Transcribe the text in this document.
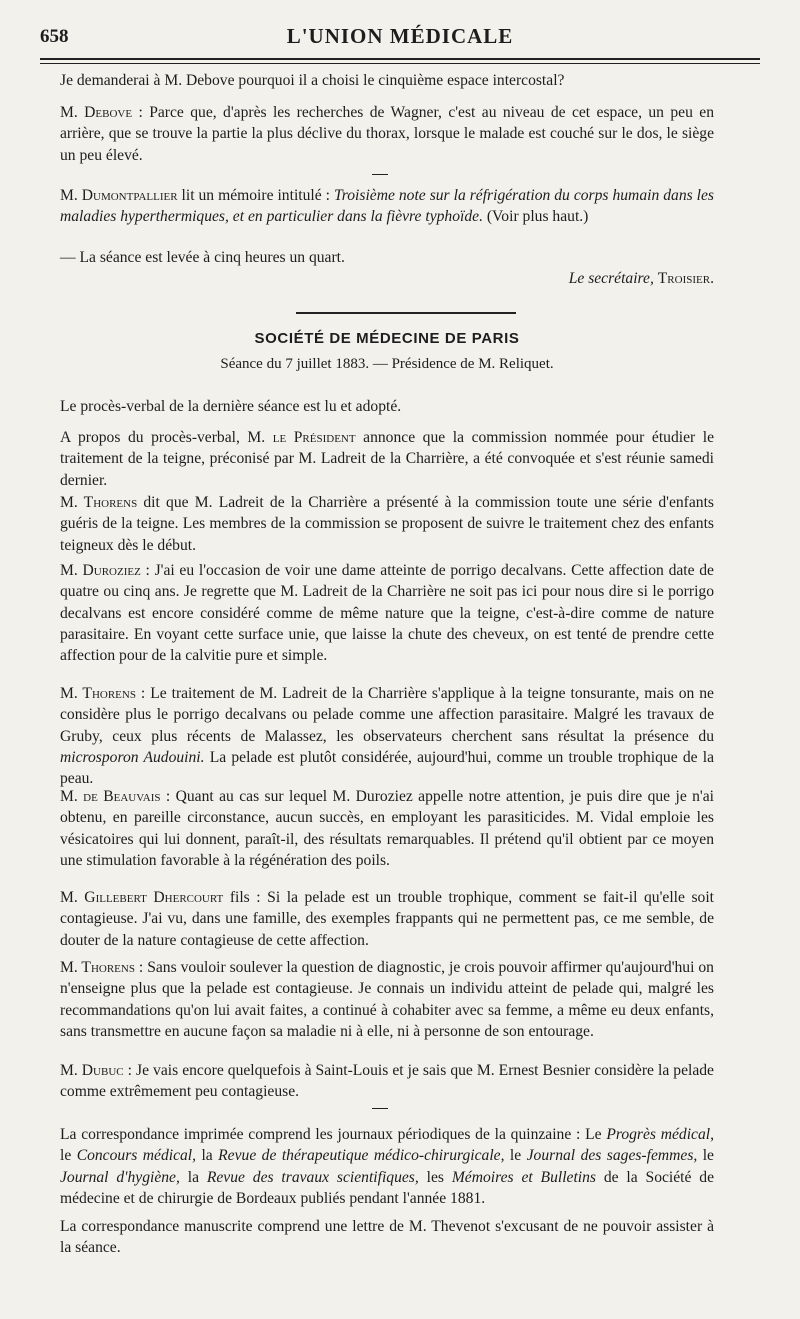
658	L'UNION MÉDICALE
Je demanderai à M. Debove pourquoi il a choisi le cinquième espace intercostal?
M. Debove : Parce que, d'après les recherches de Wagner, c'est au niveau de cet espace, un peu en arrière, que se trouve la partie la plus déclive du thorax, lorsque le malade est couché sur le dos, le siège un peu élevé.
M. Dumontpallier lit un mémoire intitulé : Troisième note sur la réfrigération du corps humain dans les maladies hyperthermiques, et en particulier dans la fièvre typhoïde. (Voir plus haut.)
— La séance est levée à cinq heures un quart.
Le secrétaire, Troisier.
SOCIÉTÉ DE MÉDECINE DE PARIS
Séance du 7 juillet 1883. — Présidence de M. Reliquet.
Le procès-verbal de la dernière séance est lu et adopté.
A propos du procès-verbal, M. le Président annonce que la commission nommée pour étudier le traitement de la teigne, préconisé par M. Ladreit de la Charrière, a été convoquée et s'est réunie samedi dernier.
M. Thorens dit que M. Ladreit de la Charrière a présenté à la commission toute une série d'enfants guéris de la teigne. Les membres de la commission se proposent de suivre le traitement chez des enfants teigneux dès le début.
M. Duroziez : J'ai eu l'occasion de voir une dame atteinte de porrigo decalvans. Cette affection date de quatre ou cinq ans. Je regrette que M. Ladreit de la Charrière ne soit pas ici pour nous dire si le porrigo decalvans est encore considéré comme de même nature que la teigne, c'est-à-dire comme de nature parasitaire. En voyant cette surface unie, que laisse la chute des cheveux, on est tenté de prendre cette affection pour de la calvitie pure et simple.
M. Thorens : Le traitement de M. Ladreit de la Charrière s'applique à la teigne tonsurante, mais on ne considère plus le porrigo decalvans ou pelade comme une affection parasitaire. Malgré les travaux de Gruby, ceux plus récents de Malassez, les observateurs cherchent sans résultat la présence du microsporon Audouini. La pelade est plutôt considérée, aujourd'hui, comme un trouble trophique de la peau.
M. de Beauvais : Quant au cas sur lequel M. Duroziez appelle notre attention, je puis dire que je n'ai obtenu, en pareille circonstance, aucun succès, en employant les parasiticides. M. Vidal emploie les vésicatoires qui lui donnent, paraît-il, des résultats remarquables. Il prétend qu'il obtient par ce moyen une stimulation favorable à la régénération des poils.
M. Gillebert Dhercourt fils : Si la pelade est un trouble trophique, comment se fait-il qu'elle soit contagieuse. J'ai vu, dans une famille, des exemples frappants qui ne permettent pas, ce me semble, de douter de la nature contagieuse de cette affection.
M. Thorens : Sans vouloir soulever la question de diagnostic, je crois pouvoir affirmer qu'aujourd'hui on n'enseigne plus que la pelade est contagieuse. Je connais un individu atteint de pelade qui, malgré les recommandations qu'on lui avait faites, a continué à cohabiter avec sa femme, a même eu deux enfants, sans transmettre en aucune façon sa maladie ni à elle, ni à personne de son entourage.
M. Dubuc : Je vais encore quelquefois à Saint-Louis et je sais que M. Ernest Besnier considère la pelade comme extrêmement peu contagieuse.
La correspondance imprimée comprend les journaux périodiques de la quinzaine : Le Progrès médical, le Concours médical, la Revue de thérapeutique médico-chirurgicale, le Journal des sages-femmes, le Journal d'hygiène, la Revue des travaux scientifiques, les Mémoires et Bulletins de la Société de médecine et de chirurgie de Bordeaux publiés pendant l'année 1881.
La correspondance manuscrite comprend une lettre de M. Thevenot s'excusant de ne pouvoir assister à la séance.
